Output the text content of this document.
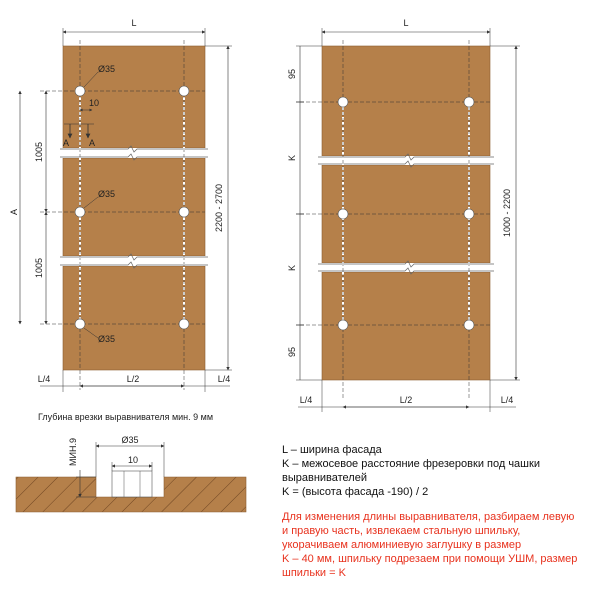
L
2200 - 2700
A
1005
1005
Ø35
Ø35
Ø35
10
A A
L/4	L/2	L/4
L
1000 - 2200
95
K
K
95
L/4	L/2	L/4
Глубина врезки выравнивателя мин. 9 мм
Ø35
10
МИН.9	L – ширина фасада
K – межосевое расстояние фрезеровки под чашки
выравнивателей
K = (высота фасада -190) / 2
Для изменения длины выравнивателя, разбираем левую
и правую часть, извлекаем стальную шпильку,
укорачиваем алюминиевую заглушку в размер
K – 40 мм, шпильку подрезаем при помощи УШМ, размер
шпильки = K
